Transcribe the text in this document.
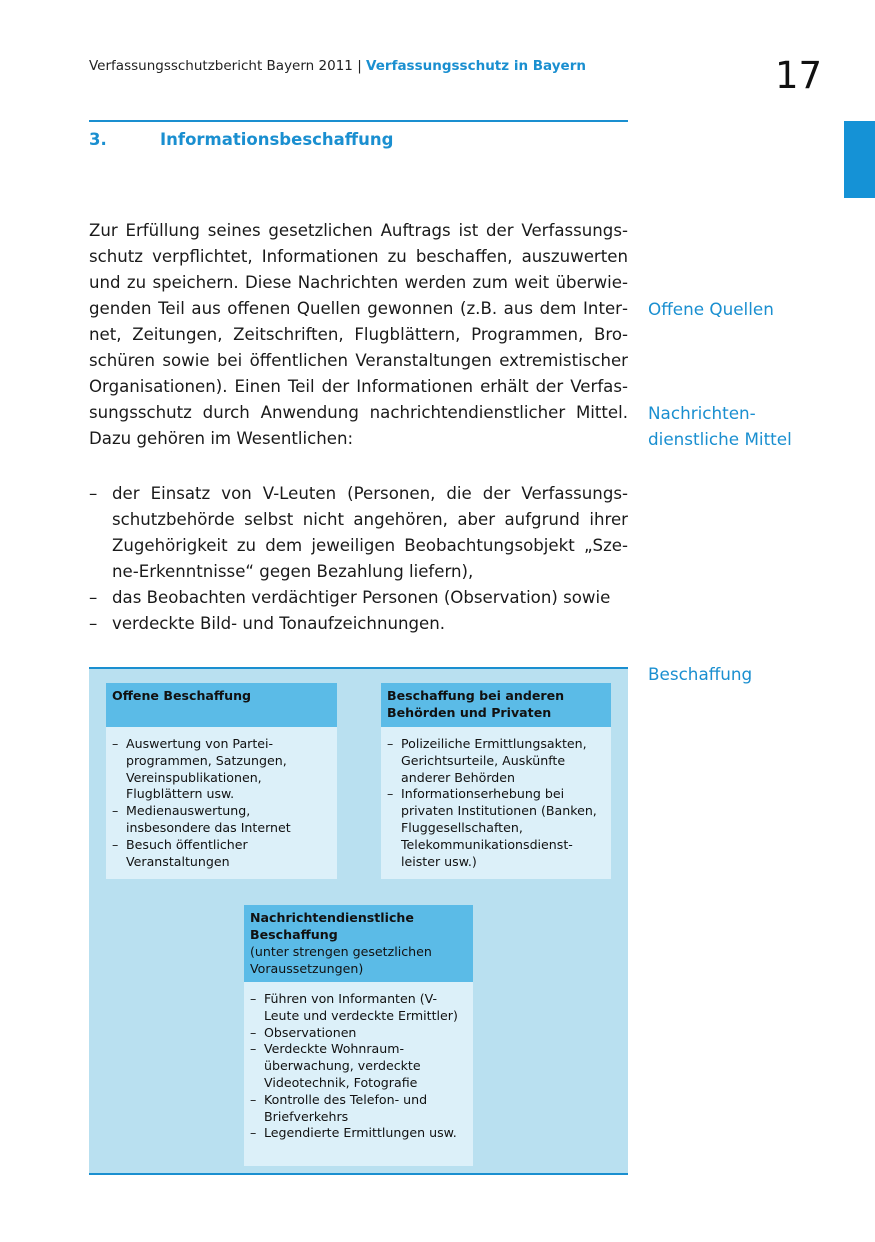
Verfassungsschutzbericht Bayern 2011 | Verfassungsschutz in Bayern	17
3.	Informationsbeschaffung

Zur Erfüllung seines gesetzlichen Auftrags ist der Verfassungsschutz verpflichtet, Informationen zu beschaffen, auszuwerten und zu speichern. Diese Nachrichten werden zum weit überwiegenden Teil aus offenen Quellen gewonnen (z.B. aus dem Internet, Zeitungen, Zeitschriften, Flugblättern, Programmen, Broschüren sowie bei öffentlichen Veranstaltungen extremistischer Organisationen). Einen Teil der Informationen erhält der Verfassungsschutz durch Anwendung nachrichtendienstlicher Mittel. Dazu gehören im Wesentlichen:

– der Einsatz von V-Leuten (Personen, die der Verfassungsschutzbehörde selbst nicht angehören, aber aufgrund ihrer Zugehörigkeit zu dem jeweiligen Beobachtungsobjekt „Szene-Erkenntnisse“ gegen Bezahlung liefern),
– das Beobachten verdächtiger Personen (Observation) sowie
– verdeckte Bild- und Tonaufzeichnungen.
Offene Quellen
Nachrichten-
dienstliche Mittel
Beschaffung
Offene Beschaffung
– Auswertung von Parteiprogrammen, Satzungen, Vereinspublikationen, Flugblättern usw.
– Medienauswertung, insbesondere das Internet
– Besuch öffentlicher Veranstaltungen
Beschaffung bei anderen Behörden und Privaten
– Polizeiliche Ermittlungsakten, Gerichtsurteile, Auskünfte anderer Behörden
– Informationserhebung bei privaten Institutionen (Banken, Fluggesellschaften, Telekommunikationsdienstleister usw.)
Nachrichtendienstliche Beschaffung
(unter strengen gesetzlichen Voraussetzungen)
– Führen von Informanten (V-Leute und verdeckte Ermittler)
– Observationen
– Verdeckte Wohnraumüberwachung, verdeckte Videotechnik, Fotografie
– Kontrolle des Telefon- und Briefverkehrs
– Legendierte Ermittlungen usw.
